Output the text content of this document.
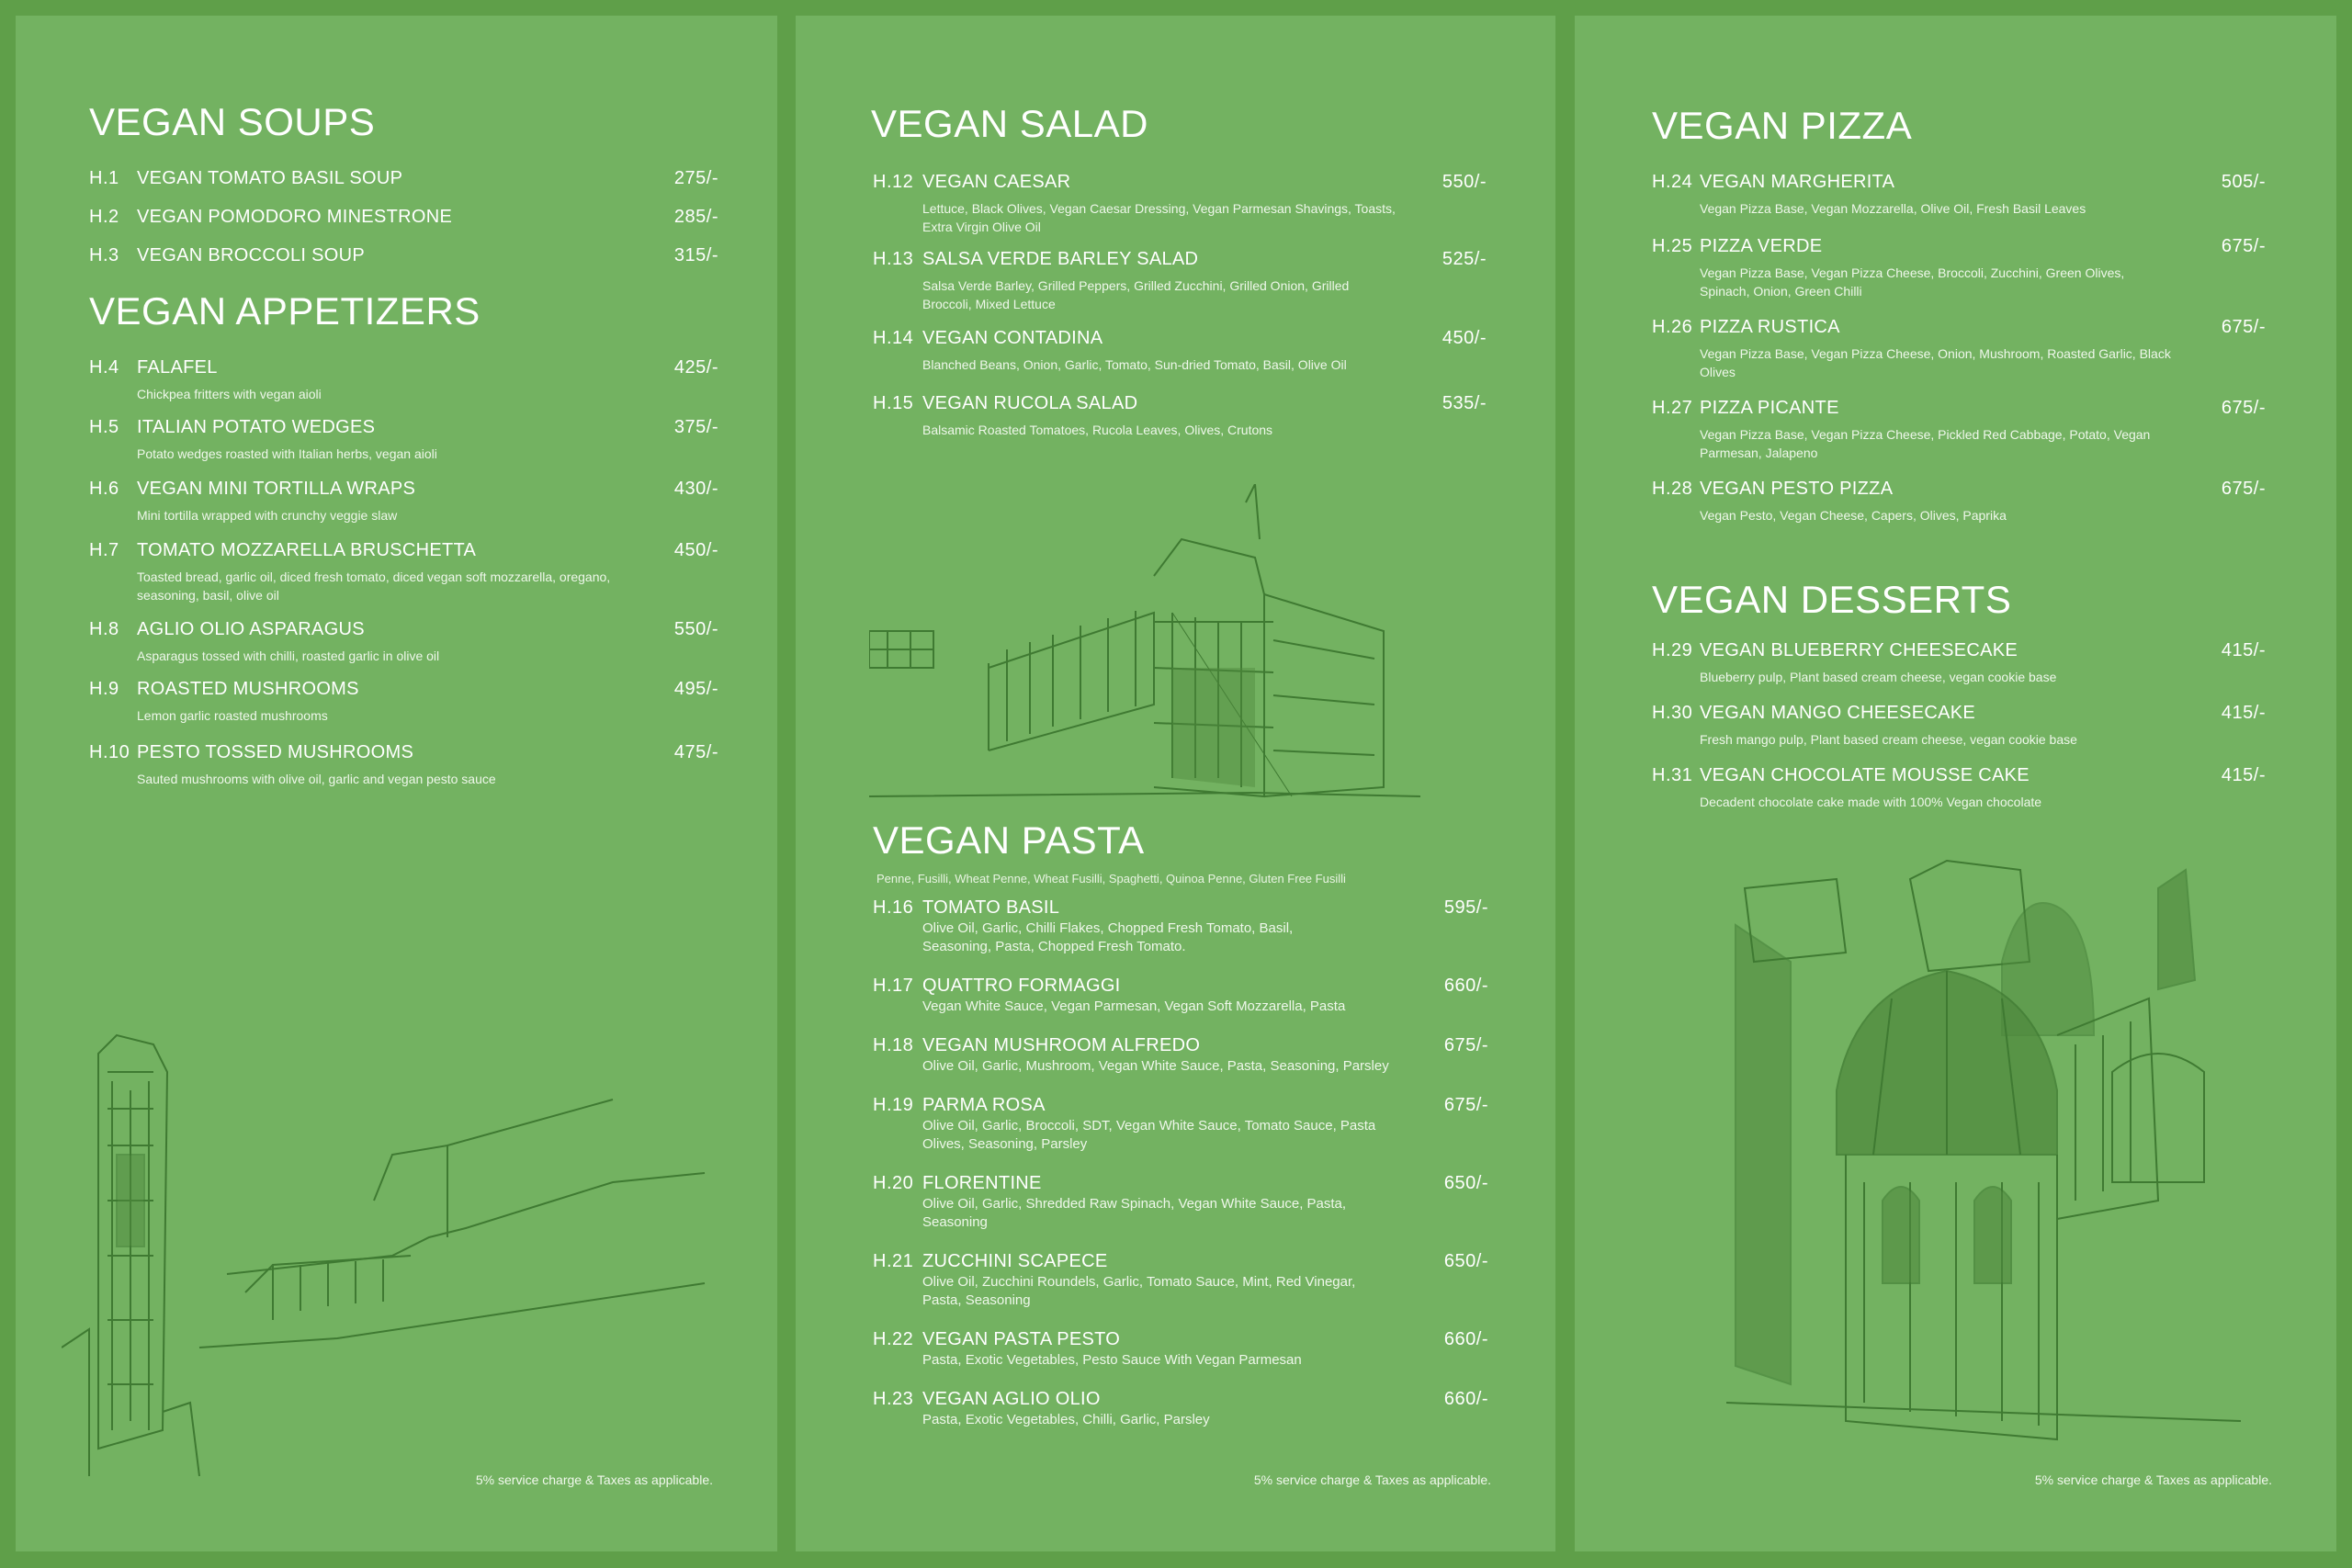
VEGAN SOUPS
H.1 VEGAN TOMATO BASIL SOUP	275/-
H.2 VEGAN POMODORO MINESTRONE	285/-
H.3 VEGAN BROCCOLI SOUP	315/-
VEGAN APPETIZERS
H.4 FALAFEL	425/-
Chickpea fritters with vegan aioli
H.5 ITALIAN POTATO WEDGES	375/-
Potato wedges roasted with Italian herbs, vegan aioli
H.6 VEGAN MINI TORTILLA WRAPS	430/-
Mini tortilla wrapped with crunchy veggie slaw
H.7 TOMATO MOZZARELLA BRUSCHETTA	450/-
Toasted bread, garlic oil, diced fresh tomato, diced vegan soft mozzarella, oregano, seasoning, basil, olive oil
H.8 AGLIO OLIO ASPARAGUS	550/-
Asparagus tossed with chilli, roasted garlic in olive oil
H.9 ROASTED MUSHROOMS	495/-
Lemon garlic roasted mushrooms
H.10 PESTO TOSSED MUSHROOMS	475/-
Sauted mushrooms with olive oil, garlic and vegan pesto sauce
5% service charge & Taxes as applicable.
VEGAN SALAD
H.12 VEGAN CAESAR	550/-
Lettuce, Black Olives, Vegan Caesar Dressing, Vegan Parmesan Shavings, Toasts, Extra Virgin Olive Oil
H.13 SALSA VERDE BARLEY SALAD	525/-
Salsa Verde Barley, Grilled Peppers, Grilled Zucchini, Grilled Onion, Grilled Broccoli, Mixed Lettuce
H.14 VEGAN CONTADINA	450/-
Blanched Beans, Onion, Garlic, Tomato, Sun-dried Tomato, Basil, Olive Oil
H.15 VEGAN RUCOLA SALAD	535/-
Balsamic Roasted Tomatoes, Rucola Leaves, Olives, Crutons
VEGAN PASTA
Penne, Fusilli, Wheat Penne, Wheat Fusilli, Spaghetti, Quinoa Penne, Gluten Free Fusilli
H.16 TOMATO BASIL	595/-
Olive Oil, Garlic, Chilli Flakes, Chopped Fresh Tomato, Basil, Seasoning, Pasta, Chopped Fresh Tomato.
H.17 QUATTRO FORMAGGI	660/-
Vegan White Sauce, Vegan Parmesan, Vegan Soft Mozzarella, Pasta
H.18 VEGAN MUSHROOM ALFREDO	675/-
Olive Oil, Garlic, Mushroom, Vegan White Sauce, Pasta, Seasoning, Parsley
H.19 PARMA ROSA	675/-
Olive Oil, Garlic, Broccoli, SDT, Vegan White Sauce, Tomato Sauce, Pasta Olives, Seasoning, Parsley
H.20 FLORENTINE	650/-
Olive Oil, Garlic, Shredded Raw Spinach, Vegan White Sauce, Pasta, Seasoning
H.21 ZUCCHINI SCAPECE	650/-
Olive Oil, Zucchini Roundels, Garlic, Tomato Sauce, Mint, Red Vinegar, Pasta, Seasoning
H.22 VEGAN PASTA PESTO	660/-
Pasta, Exotic Vegetables, Pesto Sauce With Vegan Parmesan
H.23 VEGAN AGLIO OLIO	660/-
Pasta, Exotic Vegetables, Chilli, Garlic, Parsley
5% service charge & Taxes as applicable.
VEGAN PIZZA
H.24 VEGAN MARGHERITA	505/-
Vegan Pizza Base, Vegan Mozzarella, Olive Oil, Fresh Basil Leaves
H.25 PIZZA VERDE	675/-
Vegan Pizza Base, Vegan Pizza Cheese, Broccoli, Zucchini, Green Olives, Spinach, Onion, Green Chilli
H.26 PIZZA RUSTICA	675/-
Vegan Pizza Base, Vegan Pizza Cheese, Onion, Mushroom, Roasted Garlic, Black Olives
H.27 PIZZA PICANTE	675/-
Vegan Pizza Base, Vegan Pizza Cheese, Pickled Red Cabbage, Potato, Vegan Parmesan, Jalapeno
H.28 VEGAN PESTO PIZZA	675/-
Vegan Pesto, Vegan Cheese, Capers, Olives, Paprika
VEGAN DESSERTS
H.29 VEGAN BLUEBERRY CHEESECAKE	415/-
Blueberry pulp, Plant based cream cheese, vegan cookie base
H.30 VEGAN MANGO CHEESECAKE	415/-
Fresh mango pulp, Plant based cream cheese, vegan cookie base
H.31 VEGAN CHOCOLATE MOUSSE CAKE	415/-
Decadent chocolate cake made with 100% Vegan chocolate
5% service charge & Taxes as applicable.
